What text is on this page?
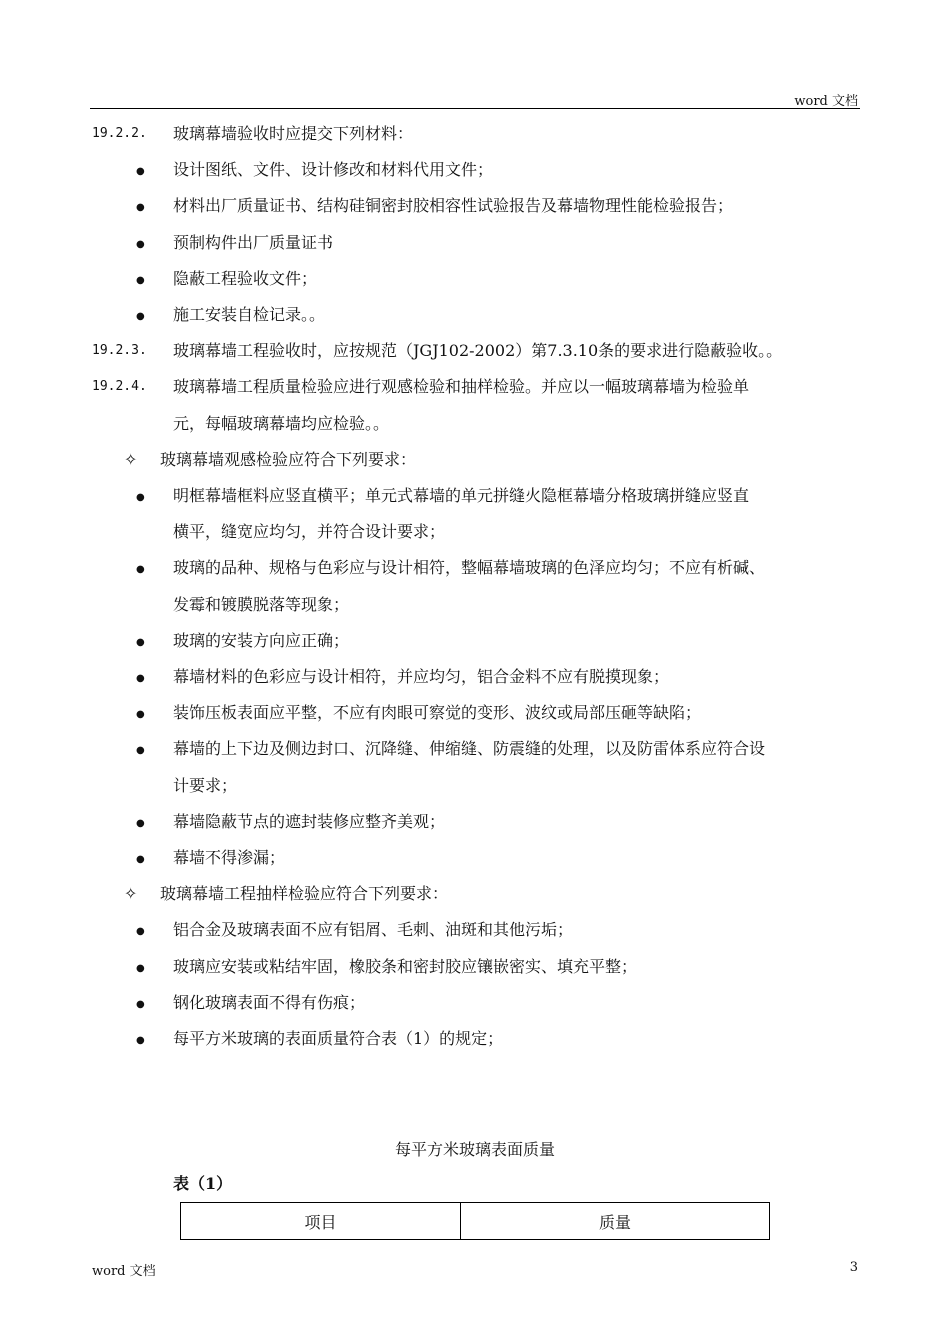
word 文档
19.2.2. 玻璃幕墙验收时应提交下列材料：
● 设计图纸、文件、设计修改和材料代用文件；
● 材料出厂质量证书、结构硅铜密封胶相容性试验报告及幕墙物理性能检验报告；
● 预制构件出厂质量证书
● 隐蔽工程验收文件；
● 施工安装自检记录。。
19.2.3. 玻璃幕墙工程验收时，应按规范（JGJ102-2002）第7.3.10条的要求进行隐蔽验收。。
19.2.4. 玻璃幕墙工程质量检验应进行观感检验和抽样检验。并应以一幅玻璃幕墙为检验单
元，每幅玻璃幕墙均应检验。。
✧ 玻璃幕墙观感检验应符合下列要求：
● 明框幕墙框料应竖直横平；单元式幕墙的单元拼缝火隐框幕墙分格玻璃拼缝应竖直
横平，缝宽应均匀，并符合设计要求；
● 玻璃的品种、规格与色彩应与设计相符，整幅幕墙玻璃的色泽应均匀；不应有析碱、
发霉和镀膜脱落等现象；
● 玻璃的安装方向应正确；
● 幕墙材料的色彩应与设计相符，并应均匀，铝合金料不应有脱摸现象；
● 装饰压板表面应平整，不应有肉眼可察觉的变形、波纹或局部压砸等缺陷；
● 幕墙的上下边及侧边封口、沉降缝、伸缩缝、防震缝的处理，以及防雷体系应符合设
计要求；
● 幕墙隐蔽节点的遮封装修应整齐美观；
● 幕墙不得渗漏；
✧ 玻璃幕墙工程抽样检验应符合下列要求：
● 铝合金及玻璃表面不应有铝屑、毛刺、油斑和其他污垢；
● 玻璃应安装或粘结牢固，橡胶条和密封胶应镶嵌密实、填充平整；
● 钢化玻璃表面不得有伤痕；
● 每平方米玻璃的表面质量符合表（1）的规定；
每平方米玻璃表面质量
表（1）
项目	质量
word 文档	3
